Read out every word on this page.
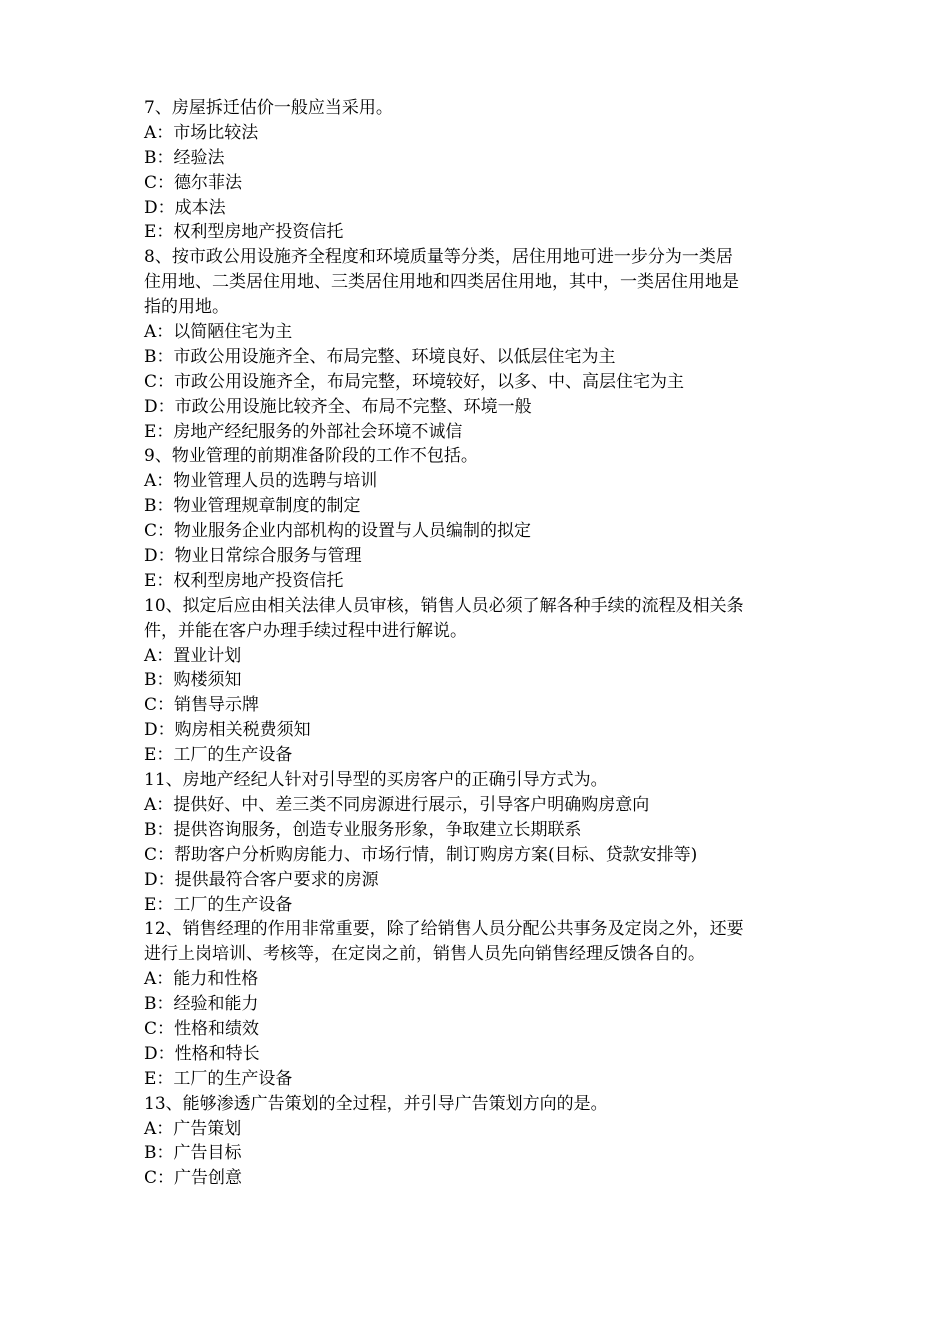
7、房屋拆迁估价一般应当采用。
A：市场比较法
B：经验法
C：德尔菲法
D：成本法
E：权利型房地产投资信托
8、按市政公用设施齐全程度和环境质量等分类，居住用地可进一步分为一类居
住用地、二类居住用地、三类居住用地和四类居住用地，其中，一类居住用地是
指的用地。
A：以简陋住宅为主
B：市政公用设施齐全、布局完整、环境良好、以低层住宅为主
C：市政公用设施齐全，布局完整，环境较好，以多、中、高层住宅为主
D：市政公用设施比较齐全、布局不完整、环境一般
E：房地产经纪服务的外部社会环境不诚信
9、物业管理的前期准备阶段的工作不包括。
A：物业管理人员的选聘与培训
B：物业管理规章制度的制定
C：物业服务企业内部机构的设置与人员编制的拟定
D：物业日常综合服务与管理
E：权利型房地产投资信托
10、拟定后应由相关法律人员审核，销售人员必须了解各种手续的流程及相关条
件，并能在客户办理手续过程中进行解说。
A：置业计划
B：购楼须知
C：销售导示牌
D：购房相关税费须知
E：工厂的生产设备
11、房地产经纪人针对引导型的买房客户的正确引导方式为。
A：提供好、中、差三类不同房源进行展示，引导客户明确购房意向
B：提供咨询服务，创造专业服务形象，争取建立长期联系
C：帮助客户分析购房能力、市场行情，制订购房方案(目标、贷款安排等)
D：提供最符合客户要求的房源
E：工厂的生产设备
12、销售经理的作用非常重要，除了给销售人员分配公共事务及定岗之外，还要
进行上岗培训、考核等，在定岗之前，销售人员先向销售经理反馈各自的。
A：能力和性格
B：经验和能力
C：性格和绩效
D：性格和特长
E：工厂的生产设备
13、能够渗透广告策划的全过程，并引导广告策划方向的是。
A：广告策划
B：广告目标
C：广告创意
